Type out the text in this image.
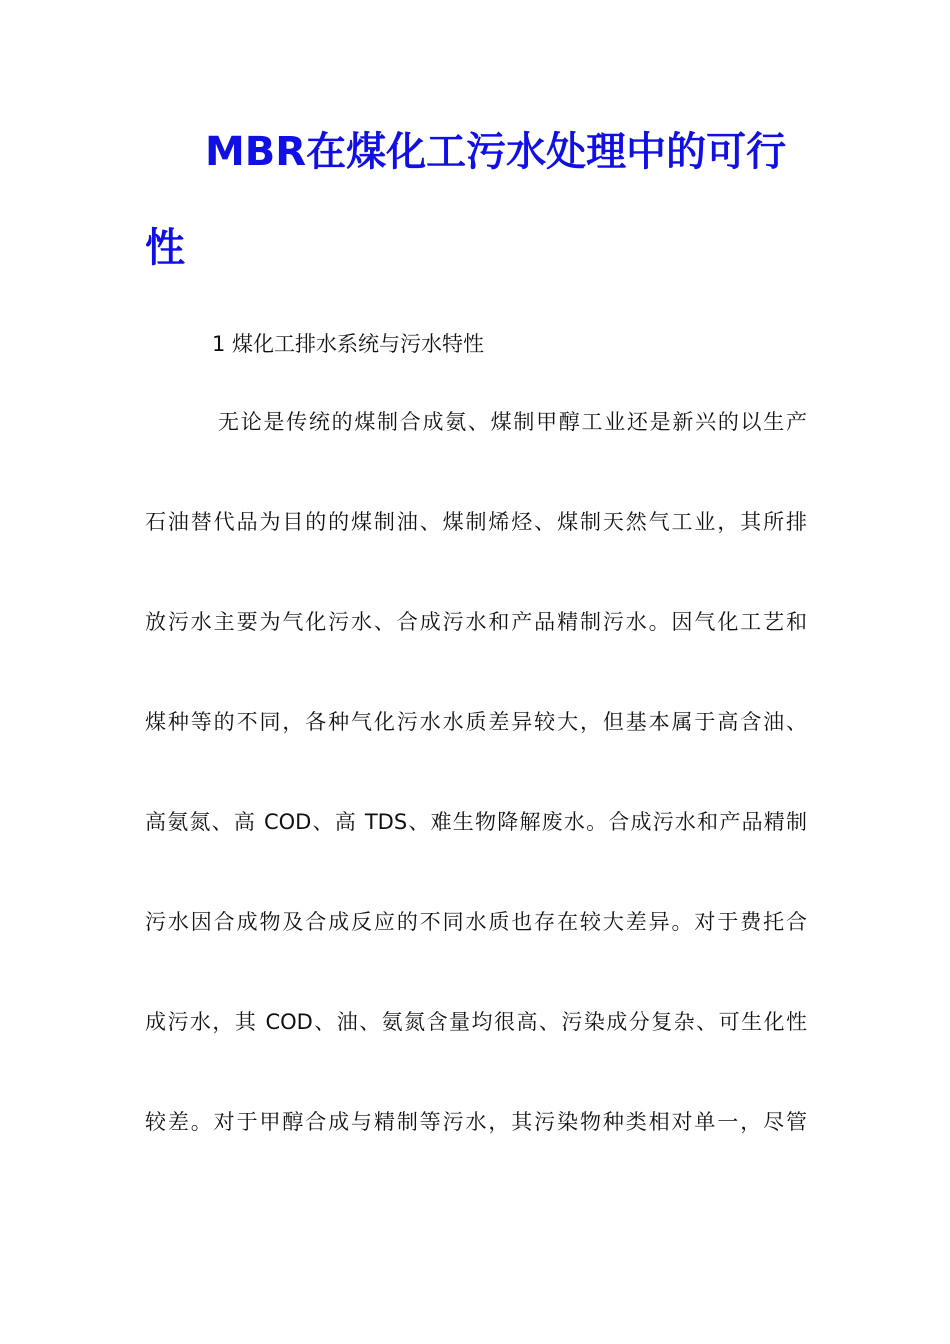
MBR在煤化工污水处理中的可行
性
1 煤化工排水系统与污水特性
无论是传统的煤制合成氨、煤制甲醇工业还是新兴的以生产
石油替代品为目的的煤制油、煤制烯烃、煤制天然气工业，其所排
放污水主要为气化污水、合成污水和产品精制污水。因气化工艺和
煤种等的不同，各种气化污水水质差异较大，但基本属于高含油、
高氨氮、高 COD、高 TDS、难生物降解废水。合成污水和产品精制
污水因合成物及合成反应的不同水质也存在较大差异。对于费托合
成污水，其 COD、油、氨氮含量均很高、污染成分复杂、可生化性
较差。对于甲醇合成与精制等污水，其污染物种类相对单一，尽管
